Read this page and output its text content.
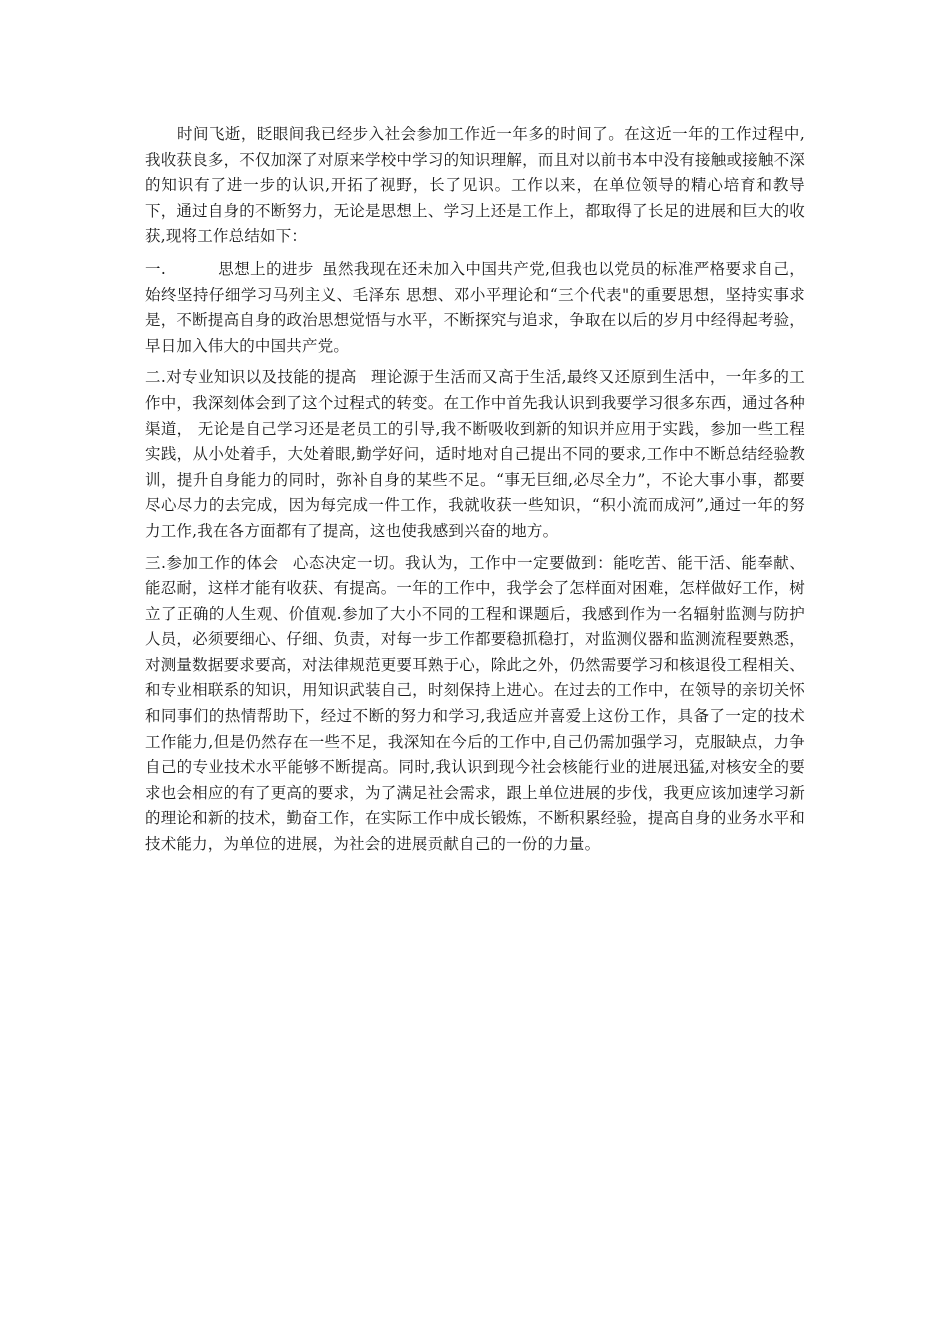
时间飞逝，眨眼间我已经步入社会参加工作近一年多的时间了。在这近一年的工作过程中,我收获良多，不仅加深了对原来学校中学习的知识理解，而且对以前书本中没有接触或接触不深的知识有了进一步的认识,开拓了视野，长了见识。工作以来，在单位领导的精心培育和教导下，通过自身的不断努力，无论是思想上、学习上还是工作上，都取得了长足的进展和巨大的收获,现将工作总结如下：

一.	思想上的进步 虽然我现在还未加入中国共产党,但我也以党员的标准严格要求自己，始终坚持仔细学习马列主义、毛泽东 思想、邓小平理论和“三个代表"的重要思想，坚持实事求是，不断提高自身的政治思想觉悟与水平，不断探究与追求，争取在以后的岁月中经得起考验，早日加入伟大的中国共产党。

二.对专业知识以及技能的提高 理论源于生活而又高于生活,最终又还原到生活中，一年多的工作中，我深刻体会到了这个过程式的转变。在工作中首先我认识到我要学习很多东西，通过各种渠道， 无论是自己学习还是老员工的引导,我不断吸收到新的知识并应用于实践，参加一些工程实践，从小处着手，大处着眼,勤学好问，适时地对自己提出不同的要求,工作中不断总结经验教训，提升自身能力的同时，弥补自身的某些不足。“事无巨细,必尽全力”，不论大事小事，都要尽心尽力的去完成，因为每完成一件工作，我就收获一些知识，“积小流而成河”,通过一年的努力工作,我在各方面都有了提高，这也使我感到兴奋的地方。

三.参加工作的体会 心态决定一切。我认为，工作中一定要做到：能吃苦、能干活、能奉献、能忍耐，这样才能有收获、有提高。一年的工作中，我学会了怎样面对困难，怎样做好工作，树立了正确的人生观、价值观.参加了大小不同的工程和课题后，我感到作为一名辐射监测与防护人员，必须要细心、仔细、负责，对每一步工作都要稳抓稳打，对监测仪器和监测流程要熟悉，对测量数据要求要高，对法律规范更要耳熟于心，除此之外，仍然需要学习和核退役工程相关、和专业相联系的知识，用知识武装自己，时刻保持上进心。在过去的工作中，在领导的亲切关怀和同事们的热情帮助下，经过不断的努力和学习,我适应并喜爱上这份工作，具备了一定的技术工作能力,但是仍然存在一些不足，我深知在今后的工作中,自己仍需加强学习，克服缺点，力争自己的专业技术水平能够不断提高。同时,我认识到现今社会核能行业的进展迅猛,对核安全的要求也会相应的有了更高的要求，为了满足社会需求，跟上单位进展的步伐，我更应该加速学习新的理论和新的技术，勤奋工作，在实际工作中成长锻炼，不断积累经验，提高自身的业务水平和技术能力，为单位的进展，为社会的进展贡献自己的一份的力量。
